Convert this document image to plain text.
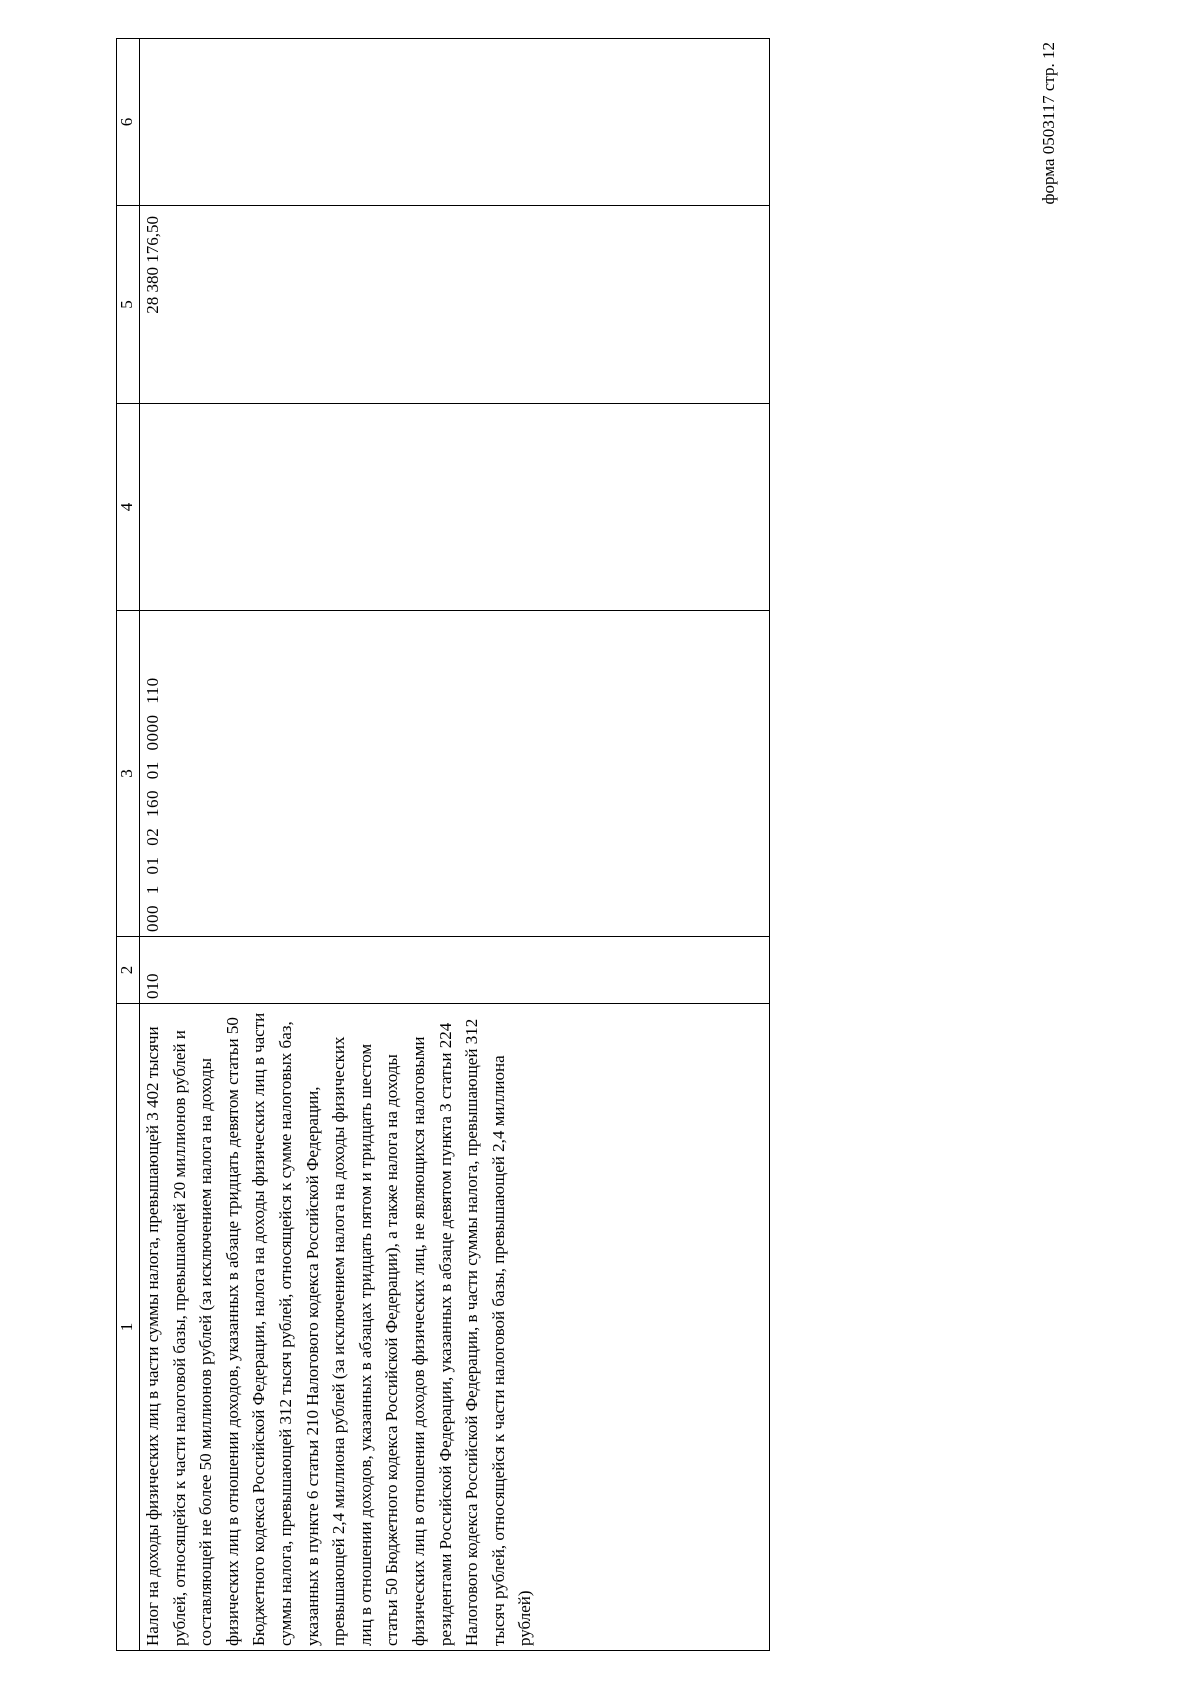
форма 0503117 стр. 12
1	2	3	4	5	6
Налог на доходы физических лиц в части суммы налога, превышающей 3 402 тысячи рублей, относящейся к части налоговой базы, превышающей 20 миллионов рублей и составляющей не более 50 миллионов рублей (за исключением налога на доходы физических лиц в отношении доходов, указанных в абзаце тридцать девятом статьи 50 Бюджетного кодекса Российской Федерации, налога на доходы физических лиц в части суммы налога, превышающей 312 тысяч рублей, относящейся к сумме налоговых баз, указанных в пункте 6 статьи 210 Налогового кодекса Российской Федерации, превышающей 2,4 миллиона рублей (за исключением налога на доходы физических лиц в отношении доходов, указанных в абзацах тридцать пятом и тридцать шестом статьи 50 Бюджетного кодекса Российской Федерации), а также налога на доходы физических лиц в отношении доходов физических лиц, не являющихся налоговыми резидентами Российской Федерации, указанных в абзаце девятом пункта 3 статьи 224 Налогового кодекса Российской Федерации, в части суммы налога, превышающей 312 тысяч рублей, относящейся к части налоговой базы, превышающей 2,4 миллиона рублей)	010	000 1 01 02 160 01 0000 110		28 380 176,50	
